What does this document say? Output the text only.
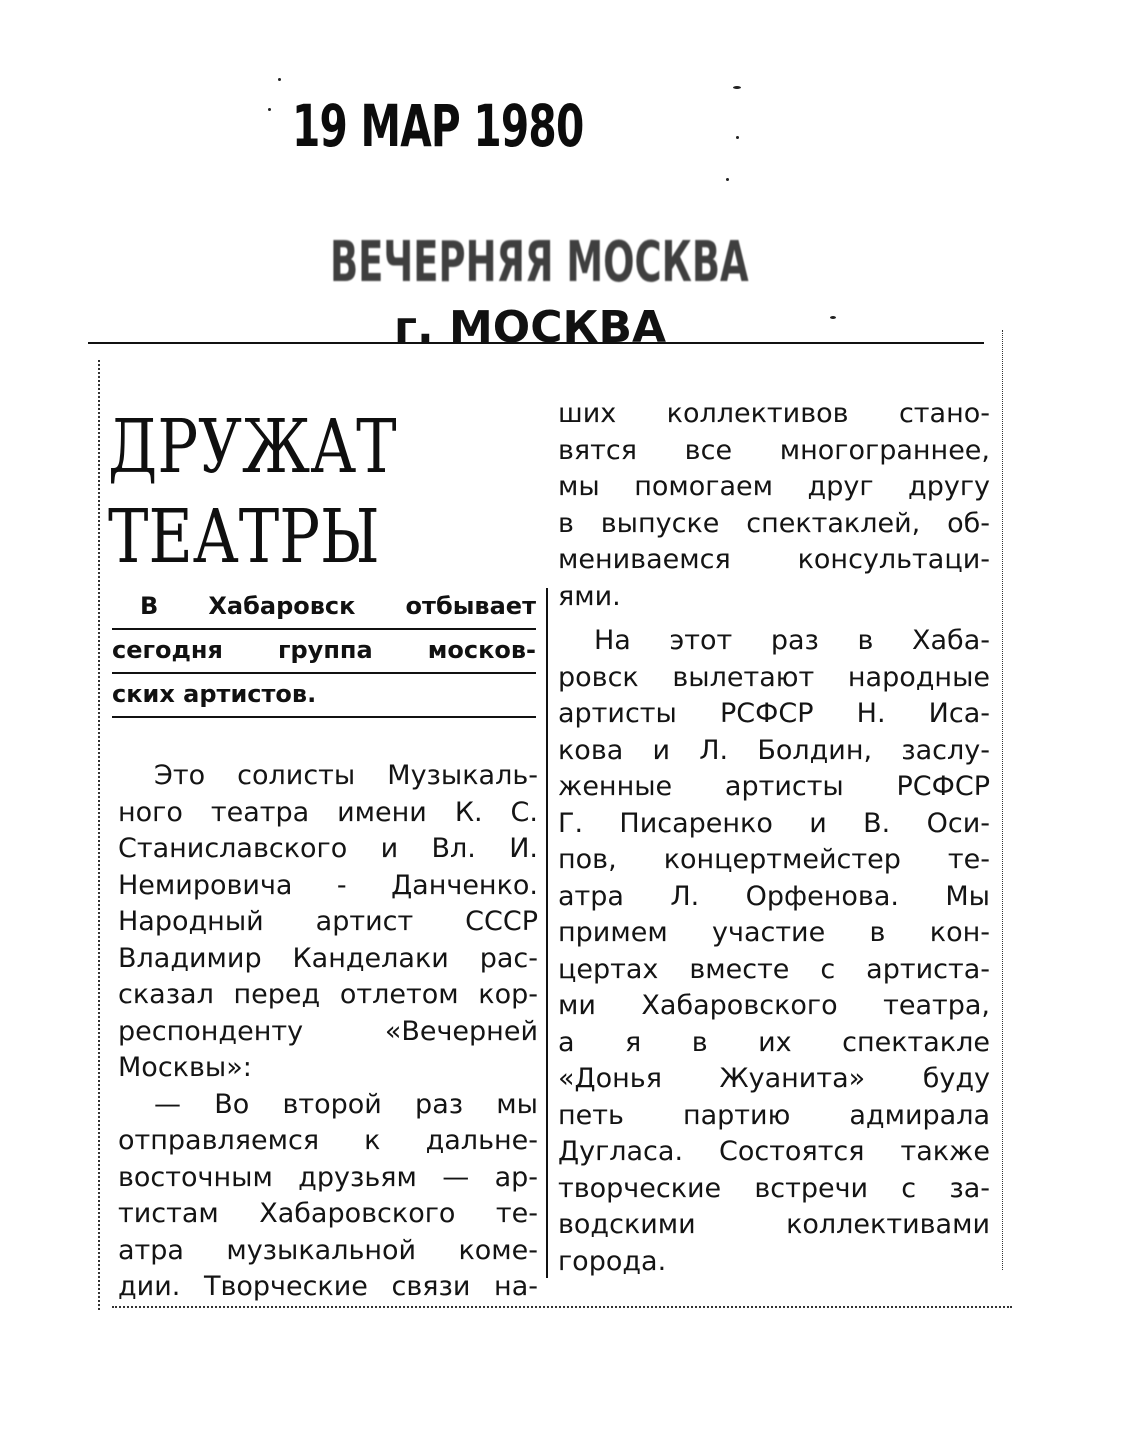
19 МАР 1980
ВЕЧЕРНЯЯ МОСКВА
г. МОСКВА
ДРУЖАТ
ТЕАТРЫ
В Хабаровск отбывает
сегодня группа москов-
ских артистов.
Это солисты Музыкаль-
ного театра имени К. С.
Станиславского и Вл. И.
Немировича - Данченко.
Народный артист СССР
Владимир Канделаки рас-
сказал перед отлетом кор-
респонденту «Вечерней
Москвы»:
— Во второй раз мы
отправляемся к дальне-
восточным друзьям — ар-
тистам Хабаровского те-
атра музыкальной коме-
дии. Творческие связи на-
ших коллективов стано-
вятся все многограннее,
мы помогаем друг другу
в выпуске спектаклей, об-
мениваемся консультаци-
ями.
На этот раз в Хаба-
ровск вылетают народные
артисты РСФСР Н. Иса-
кова и Л. Болдин, заслу-
женные артисты РСФСР
Г. Писаренко и В. Оси-
пов, концертмейстер те-
атра Л. Орфенова. Мы
примем участие в кон-
цертах вместе с артиста-
ми Хабаровского театра,
а я в их спектакле
«Донья Жуанита» буду
петь партию адмирала
Дугласа. Состоятся также
творческие встречи с за-
водскими коллективами
города.
